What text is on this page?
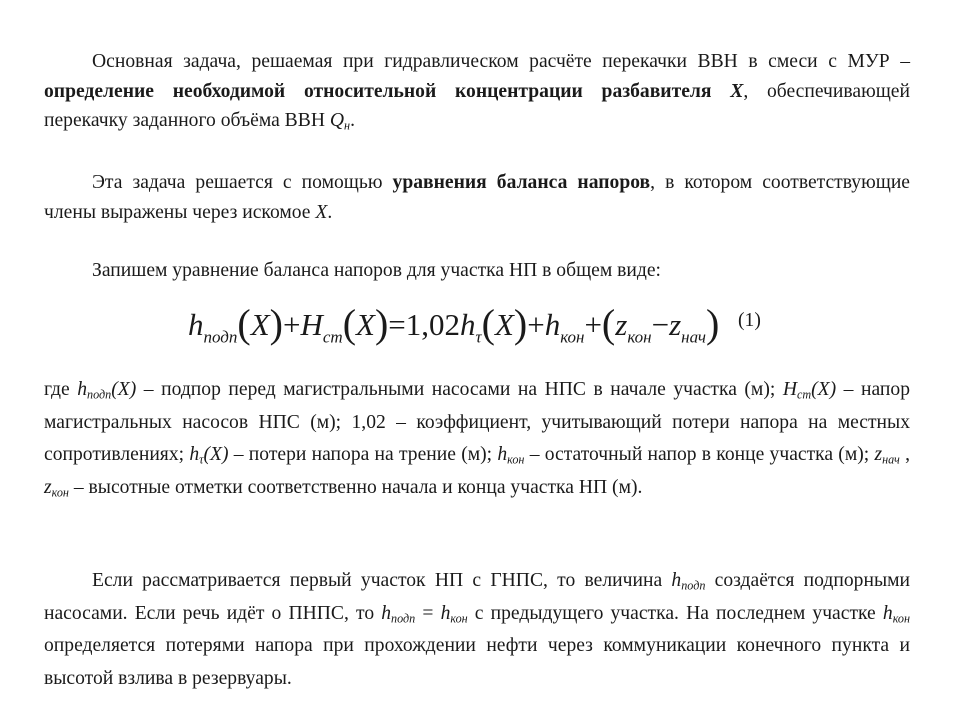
Основная задача, решаемая при гидравлическом расчёте перекачки ВВН в смеси с МУР – определение необходимой относительной концентрации разбавителя X, обеспечивающей перекачку заданного объёма ВВН $Q_н$.

Эта задача решается с помощью уравнения баланса напоров, в котором соответствующие члены выражены через искомое X.

Запишем уравнение баланса напоров для участка НП в общем виде:

$h_{подп}(X)+H_{ст}(X)=1,02h_\tau(X)+h_{кон}+(z_{кон}-z_{нач})$ (1)

где $h_{подп}(X)$ – подпор перед магистральными насосами на НПС в начале участка (м); $H_{ст}(X)$ – напор магистральных насосов НПС (м); 1,02 – коэффициент, учитывающий потери напора на местных сопротивлениях; $h_\tau(X)$ – потери напора на трение (м); $h_{кон}$ – остаточный напор в конце участка (м); $z_{нач}$ , $z_{кон}$ – высотные отметки соответственно начала и конца участка НП (м).

Если рассматривается первый участок НП с ГНПС, то величина $h_{подп}$ создаётся подпорными насосами. Если речь идёт о ПНПС, то $h_{подп} = h_{кон}$ с предыдущего участка. На последнем участке $h_{кон}$ определяется потерями напора при прохождении нефти через коммуникации конечного пункта и высотой взлива в резервуары.
